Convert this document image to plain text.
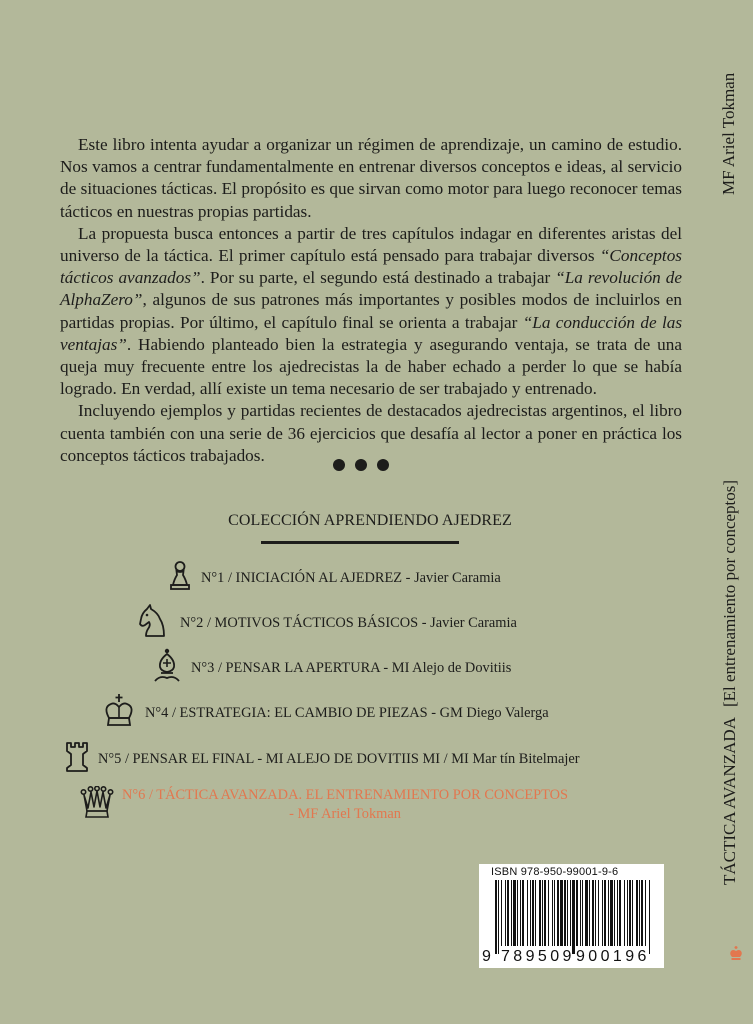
Este libro intenta ayudar a organizar un régimen de aprendizaje, un camino de estudio. Nos vamos a centrar fundamentalmente en entrenar diversos conceptos e ideas, al servicio de situaciones tácticas. El propósito es que sirvan como motor para luego reconocer temas tácticos en nuestras propias partidas.

La propuesta busca entonces a partir de tres capítulos indagar en diferentes aristas del universo de la táctica. El primer capítulo está pensado para trabajar diversos “Conceptos tácticos avanzados”. Por su parte, el segundo está destinado a trabajar “La revolución de AlphaZero”, algunos de sus patrones más importantes y posibles modos de incluirlos en partidas propias. Por último, el capítulo final se orienta a trabajar “La conducción de las ventajas”. Habiendo planteado bien la estrategia y asegurando ventaja, se trata de una queja muy frecuente entre los ajedrecistas la de haber echado a perder lo que se había logrado. En verdad, allí existe un tema necesario de ser trabajado y entrenado.

Incluyendo ejemplos y partidas recientes de destacados ajedrecistas argentinos, el libro cuenta también con una serie de 36 ejercicios que desafía al lector a poner en práctica los conceptos tácticos trabajados.

COLECCIÓN APRENDIENDO AJEDREZ
N°1 / INICIACIÓN AL AJEDREZ - Javier Caramia
N°2 / MOTIVOS TÁCTICOS BÁSICOS - Javier Caramia
N°3 / PENSAR LA APERTURA - MI Alejo de Dovitiis
N°4 / ESTRATEGIA: EL CAMBIO DE PIEZAS - GM Diego Valerga
N°5 / PENSAR EL FINAL - MI ALEJO DE DOVITIIS MI / MI Mar tín Bitelmajer
N°6 / TÁCTICA AVANZADA. EL ENTRENAMIENTO POR CONCEPTOS
- MF Ariel Tokman
ISBN 978-950-99001-9-6
9 789509 900196
MF Ariel Tokman
TÁCTICA AVANZADA[El entrenamiento por conceptos]
